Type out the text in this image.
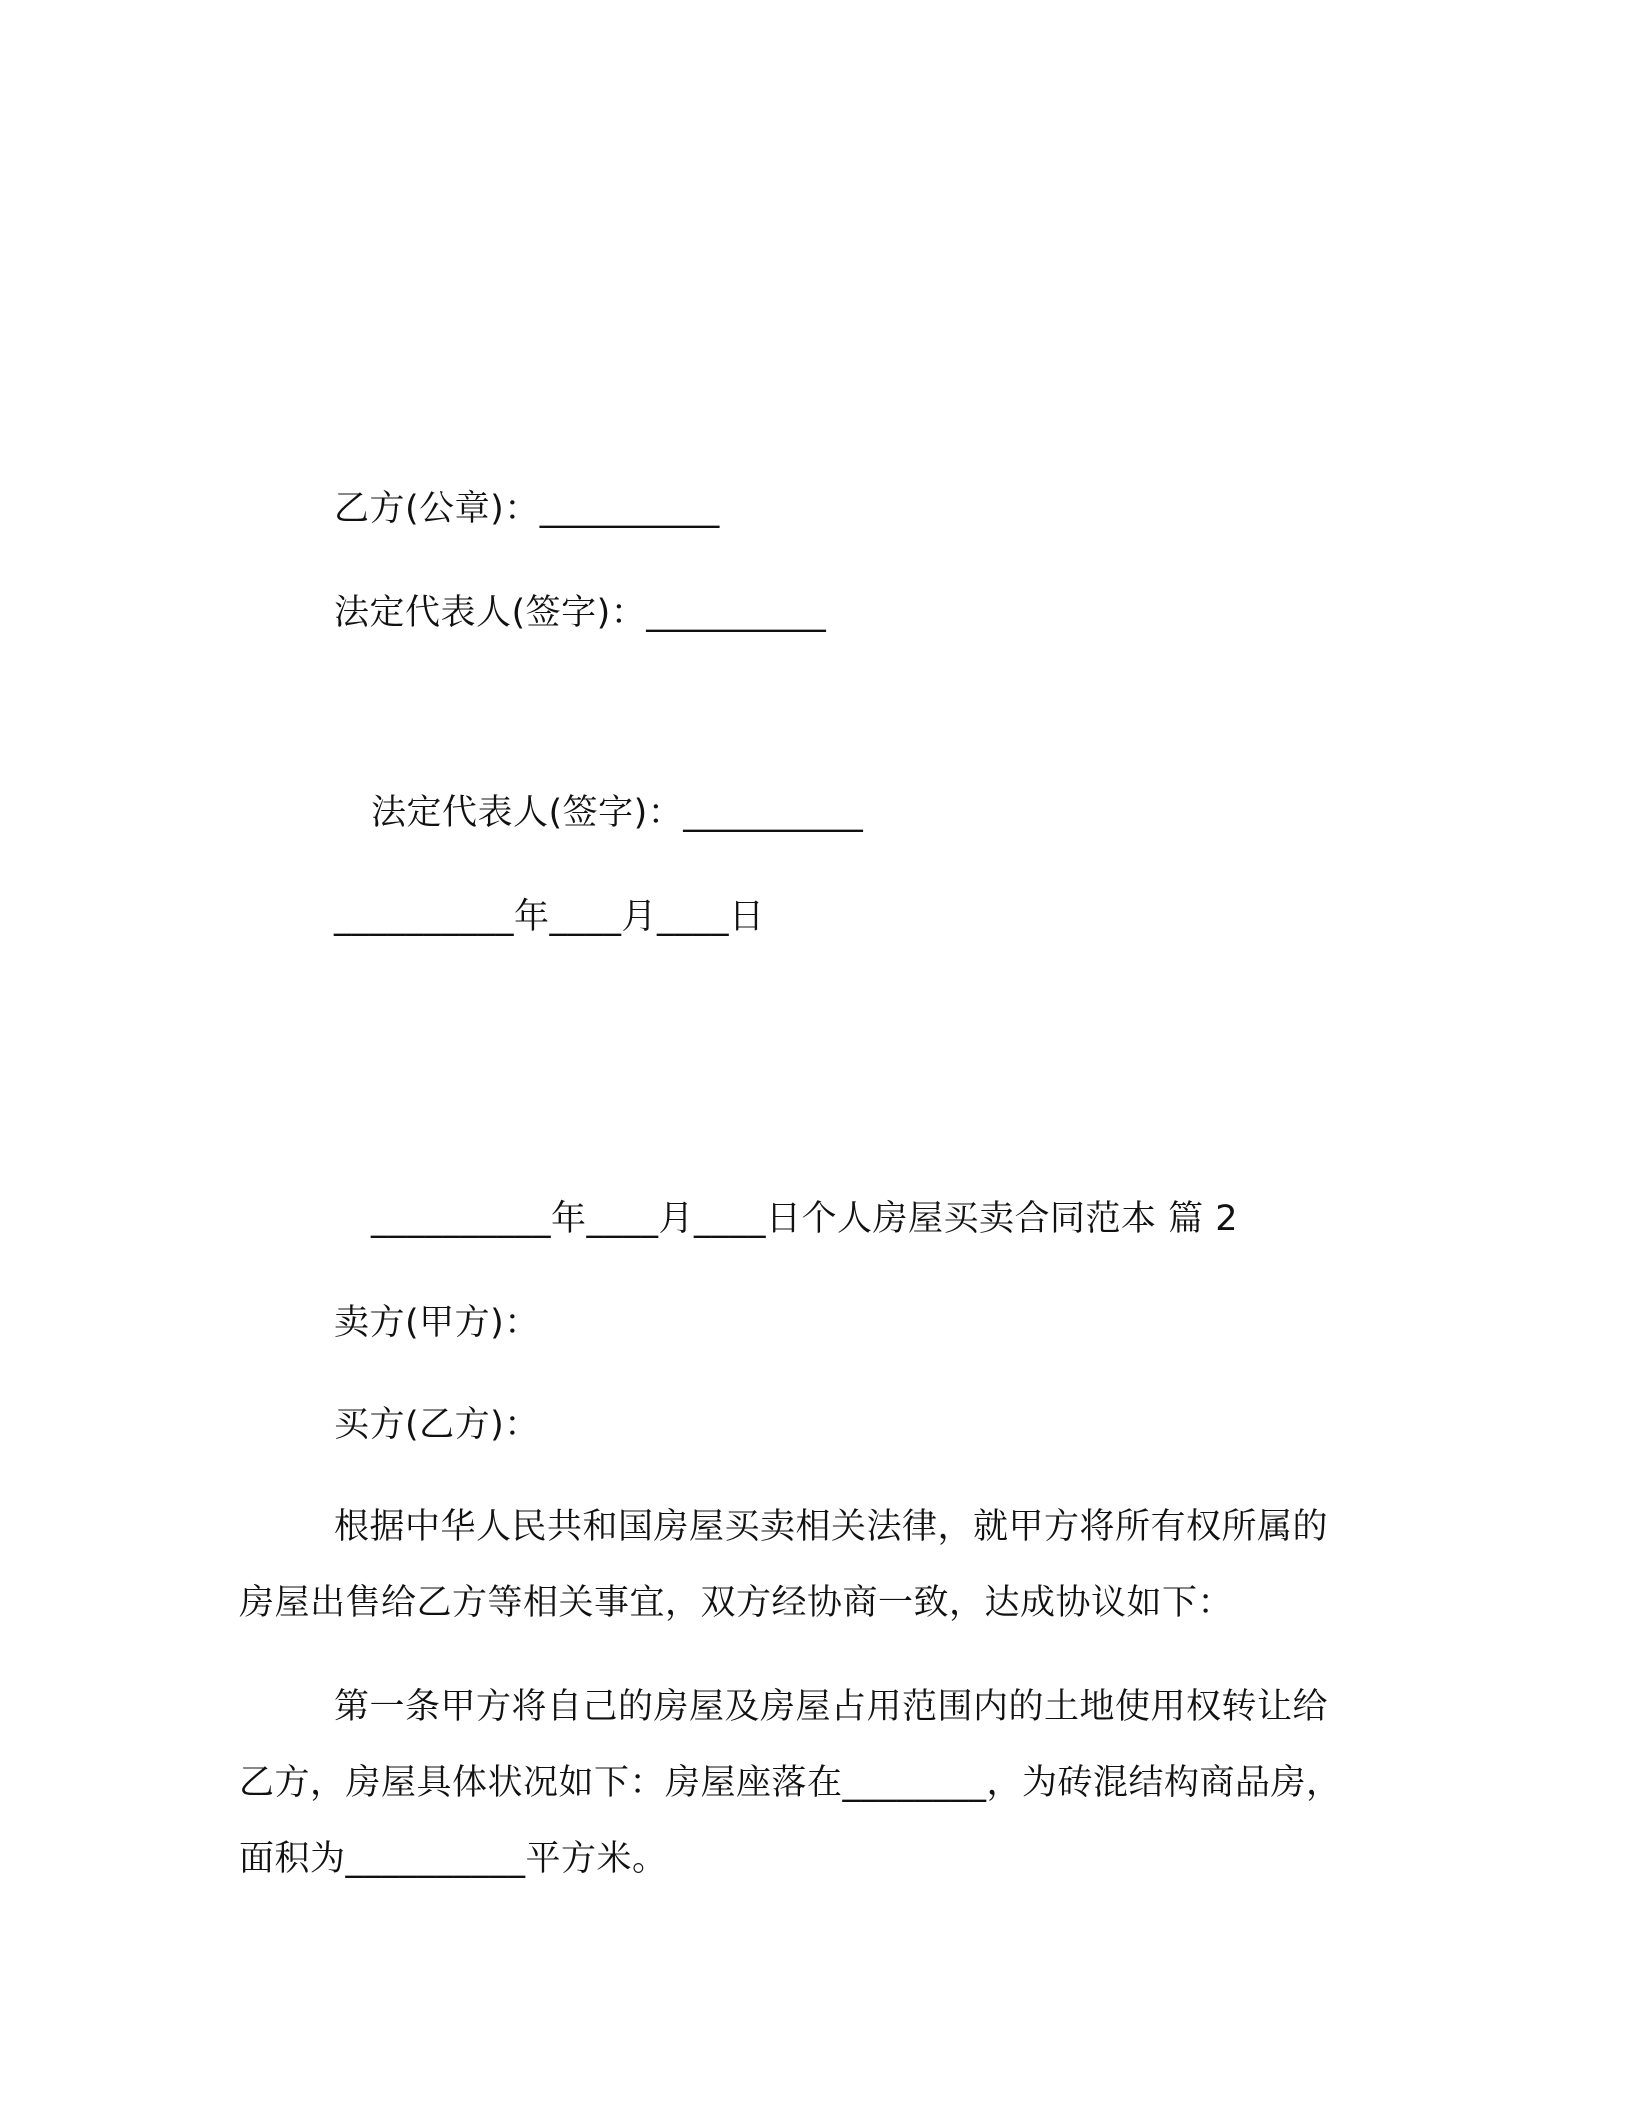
乙方(公章)：__________
法定代表人(签字)：__________
法定代表人(签字)：__________
__________年____月____日
__________年____月____日个人房屋买卖合同范本 篇 2
卖方(甲方)：
买方(乙方)：
根据中华人民共和国房屋买卖相关法律，就甲方将所有权所属的
房屋出售给乙方等相关事宜，双方经协商一致，达成协议如下：
第一条甲方将自己的房屋及房屋占用范围内的土地使用权转让给
乙方，房屋具体状况如下：房屋座落在________，为砖混结构商品房，
面积为__________平方米。
